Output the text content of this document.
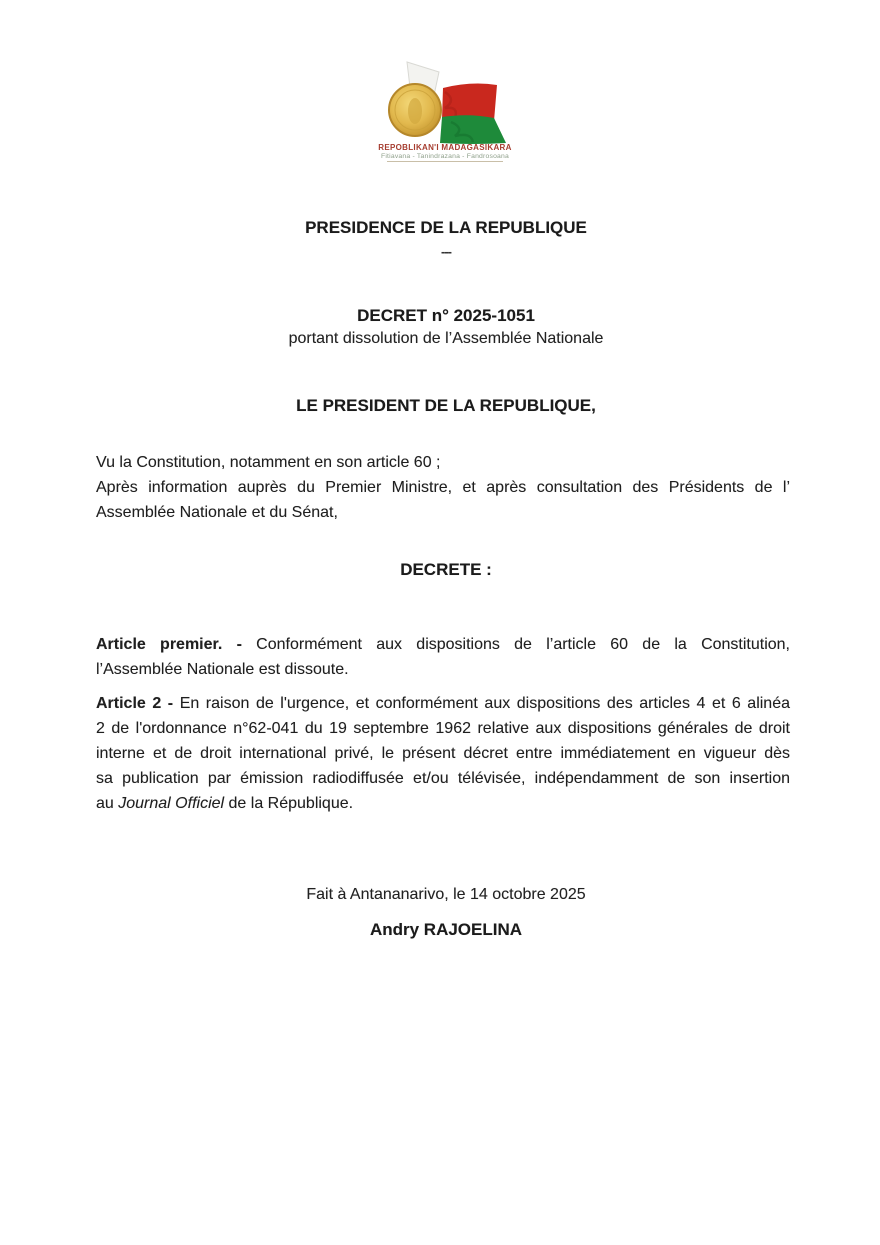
REPOBLIKAN'I MADAGASIKARA
Fitiavana - Tanindrazana - Fandrosoana
PRESIDENCE DE LA REPUBLIQUE
---
DECRET n° 2025-1051
portant dissolution de l’Assemblée Nationale
LE PRESIDENT DE LA REPUBLIQUE,
Vu la Constitution, notamment en son article 60 ;
Après information auprès du Premier Ministre, et après consultation des Présidents de l’
Assemblée Nationale et du Sénat,
DECRETE :
Article premier. - Conformément aux dispositions de l’article 60 de la Constitution,
l’Assemblée Nationale est dissoute.
Article 2 - En raison de l'urgence, et conformément aux dispositions des articles 4 et 6 alinéa
2 de l'ordonnance n°62-041 du 19 septembre 1962 relative aux dispositions générales de droit
interne et de droit international privé, le présent décret entre immédiatement en vigueur dès
sa publication par émission radiodiffusée et/ou télévisée, indépendamment de son insertion
au Journal Officiel de la République.
Fait à Antananarivo, le 14 octobre 2025
Andry RAJOELINA
